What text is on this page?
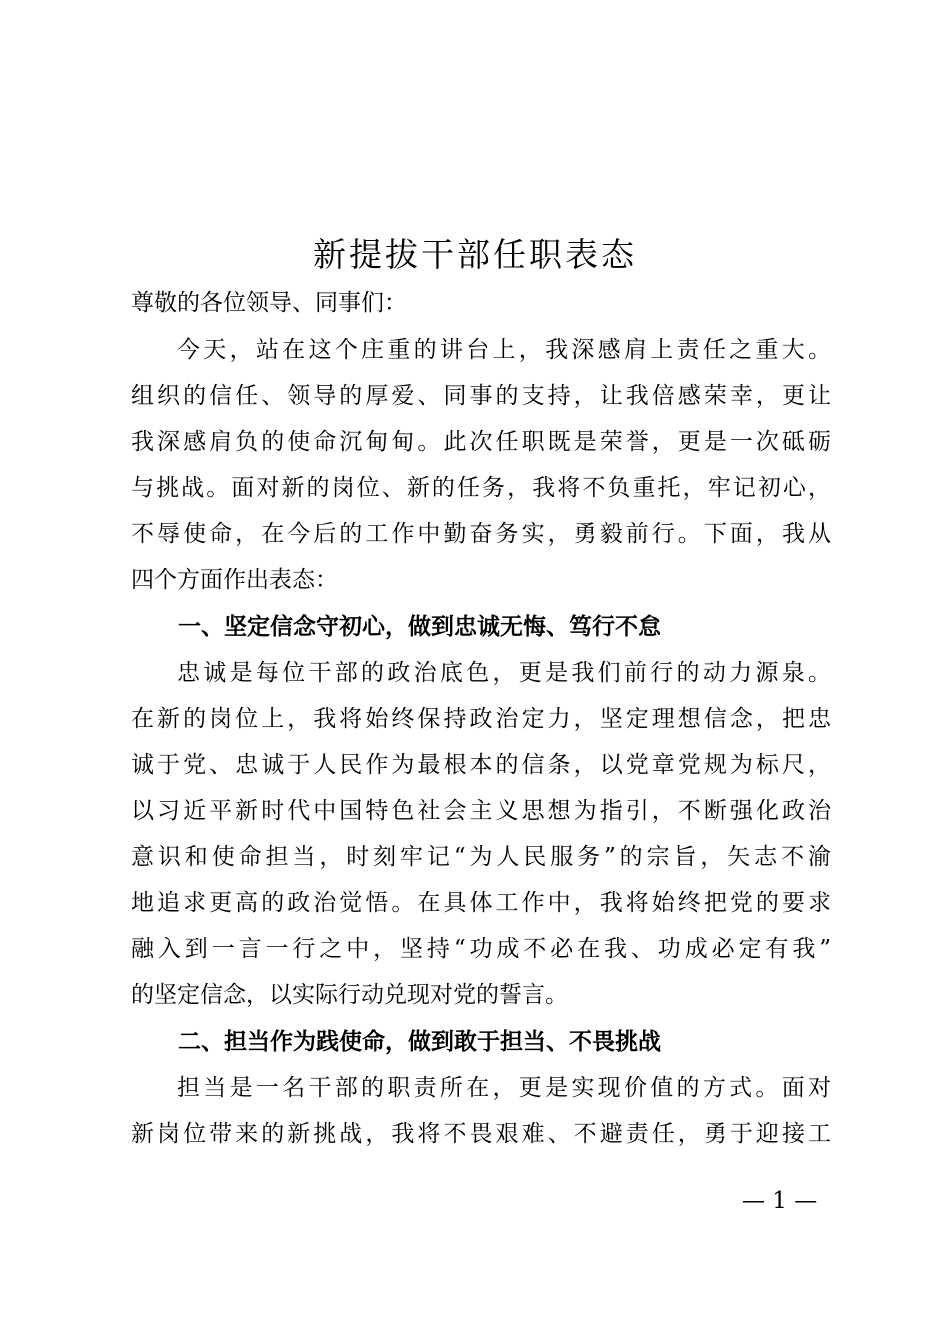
新提拔干部任职表态
尊敬的各位领导、同事们：
今天，站在这个庄重的讲台上，我深感肩上责任之重大。
组织的信任、领导的厚爱、同事的支持，让我倍感荣幸，更让
我深感肩负的使命沉甸甸。此次任职既是荣誉，更是一次砥砺
与挑战。面对新的岗位、新的任务，我将不负重托，牢记初心，
不辱使命，在今后的工作中勤奋务实，勇毅前行。下面，我从
四个方面作出表态：
一、坚定信念守初心，做到忠诚无悔、笃行不怠
忠诚是每位干部的政治底色，更是我们前行的动力源泉。
在新的岗位上，我将始终保持政治定力，坚定理想信念，把忠
诚于党、忠诚于人民作为最根本的信条，以党章党规为标尺，
以习近平新时代中国特色社会主义思想为指引，不断强化政治
意识和使命担当，时刻牢记“为人民服务”的宗旨，矢志不渝
地追求更高的政治觉悟。在具体工作中，我将始终把党的要求
融入到一言一行之中，坚持“功成不必在我、功成必定有我”
的坚定信念，以实际行动兑现对党的誓言。
二、担当作为践使命，做到敢于担当、不畏挑战
担当是一名干部的职责所在，更是实现价值的方式。面对
新岗位带来的新挑战，我将不畏艰难、不避责任，勇于迎接工
— 1 —
